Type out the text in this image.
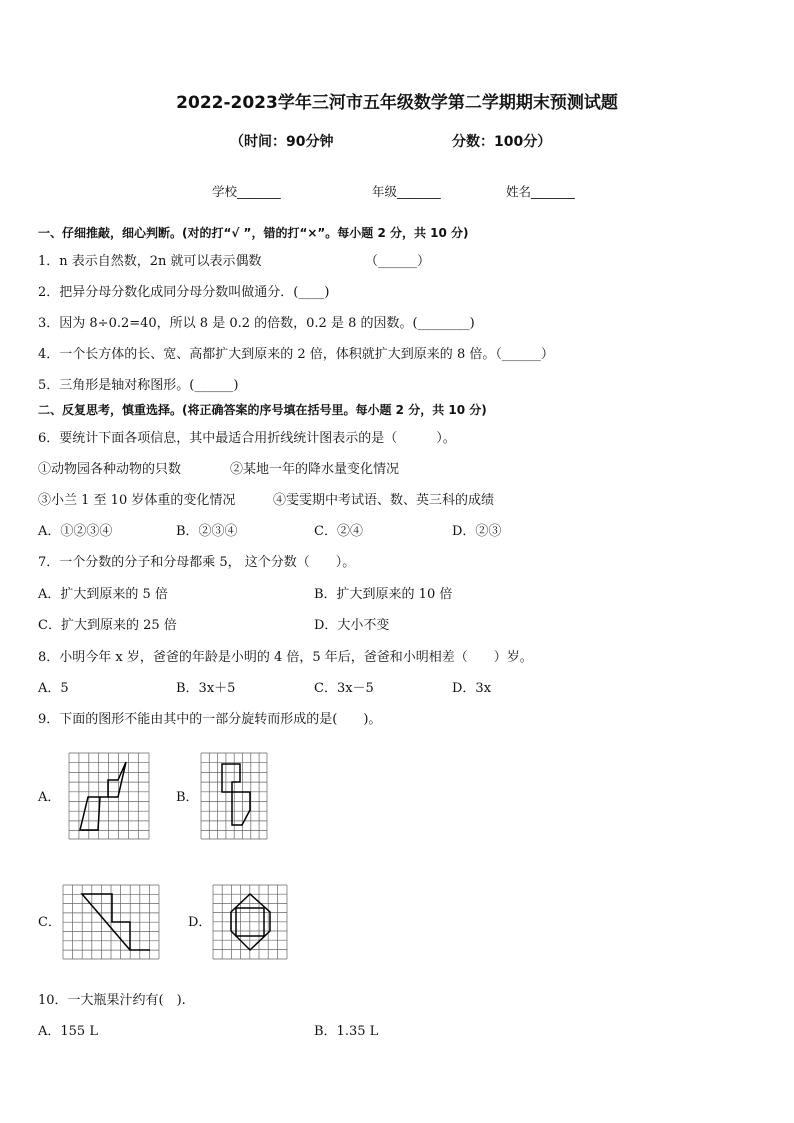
2022-2023学年三河市五年级数学第二学期期末预测试题
（时间：90分钟	分数：100分）
学校_______	年级_______	姓名_______
一、仔细推敲，细心判断。(对的打“√ ”，错的打“×”。每小题 2 分，共 10 分)
1．n 表示自然数，2n 就可以表示偶数	（______）
2．把异分母分数化成同分母分数叫做通分．(____)
3．因为 8÷0.2=40，所以 8 是 0.2 的倍数，0.2 是 8 的因数。(________)
4．一个长方体的长、宽、高都扩大到原来的 2 倍，体积就扩大到原来的 8 倍。（______）
5．三角形是轴对称图形。(______)
二、反复思考，慎重选择。(将正确答案的序号填在括号里。每小题 2 分，共 10 分)
6．要统计下面各项信息，其中最适合用折线统计图表示的是（　　　）。
①动物园各种动物的只数	②某地一年的降水量变化情况
③小兰 1 至 10 岁体重的变化情况	④雯雯期中考试语、数、英三科的成绩
A．①②③④	B．②③④	C．②④	D．②③
7．一个分数的分子和分母都乘 5， 这个分数（　　）。
A．扩大到原来的 5 倍	B．扩大到原来的 10 倍
C．扩大到原来的 25 倍	D．大小不变
8．小明今年 x 岁，爸爸的年龄是小明的 4 倍，5 年后，爸爸和小明相差（　　）岁。
A．5	B．3x＋5	C．3x－5	D．3x
9．下面的图形不能由其中的一部分旋转而形成的是(　　)。
A．	B．
C．	D．
10．一大瓶果汁约有(　).
A．155 L	B．1.35 L
